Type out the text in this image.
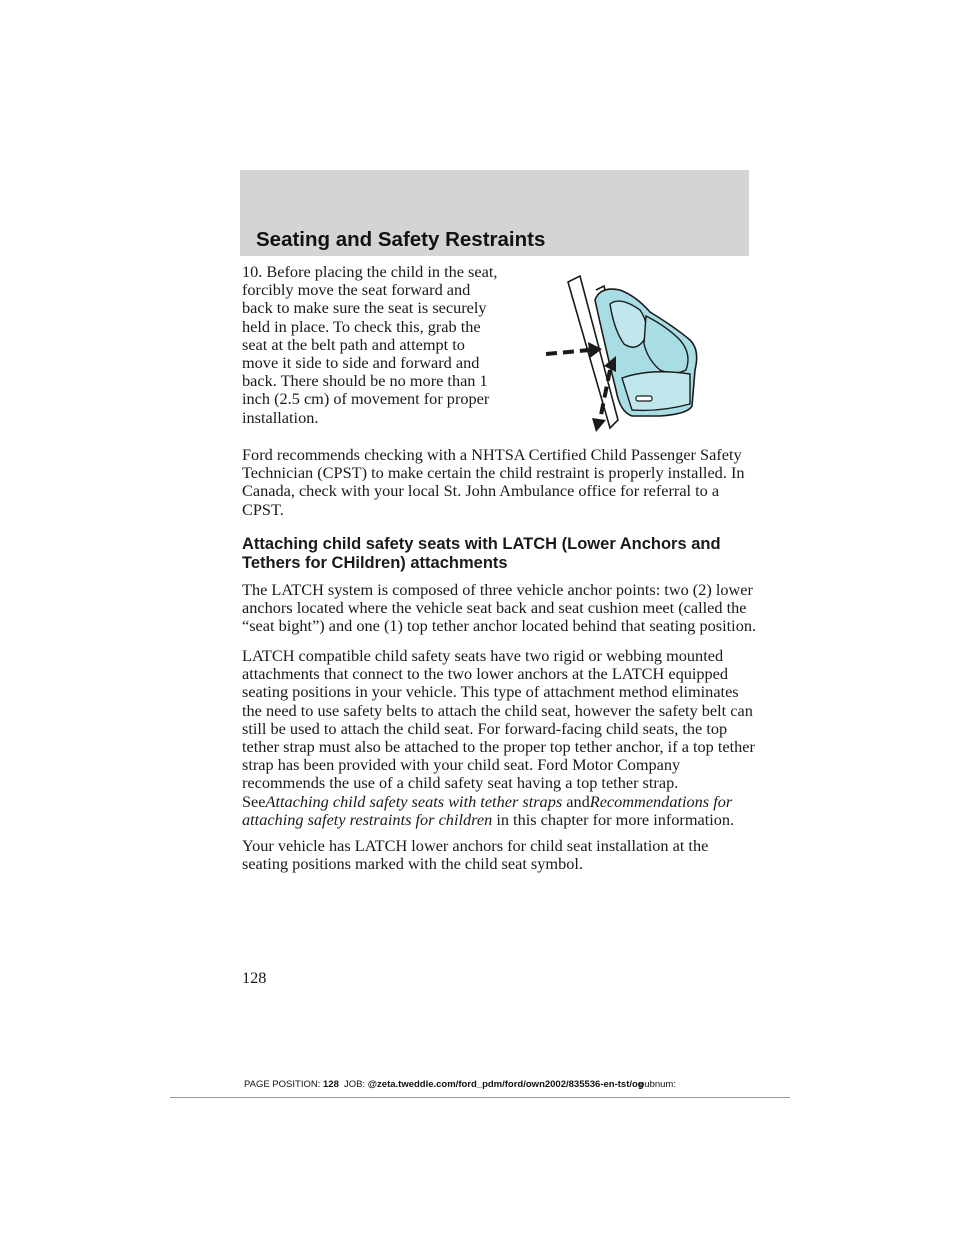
Seating and Safety Restraints

10. Before placing the child in the seat, forcibly move the seat forward and back to make sure the seat is securely held in place. To check this, grab the seat at the belt path and attempt to move it side to side and forward and back. There should be no more than 1 inch (2.5 cm) of movement for proper installation.

Ford recommends checking with a NHTSA Certified Child Passenger Safety Technician (CPST) to make certain the child restraint is properly installed. In Canada, check with your local St. John Ambulance office for referral to a CPST.

Attaching child safety seats with LATCH (Lower Anchors and Tethers for CHildren) attachments

The LATCH system is composed of three vehicle anchor points: two (2) lower anchors located where the vehicle seat back and seat cushion meet (called the “seat bight”) and one (1) top tether anchor located behind that seating position.

LATCH compatible child safety seats have two rigid or webbing mounted attachments that connect to the two lower anchors at the LATCH equipped seating positions in your vehicle. This type of attachment method eliminates the need to use safety belts to attach the child seat, however the safety belt can still be used to attach the child seat. For forward-facing child seats, the top tether strap must also be attached to the proper top tether anchor, if a top tether strap has been provided with your child seat. Ford Motor Company recommends the use of a child safety seat having a top tether strap. SeeAttaching child safety seats with tether straps andRecommendations for attaching safety restraints for children in this chapter for more information.

Your vehicle has LATCH lower anchors for child seat installation at the seating positions marked with the child seat symbol.

128
PAGE POSITION: 128 JOB: @zeta.tweddle.com/ford_pdm/ford/own2002/835536-en-tst/og
pubnum:
